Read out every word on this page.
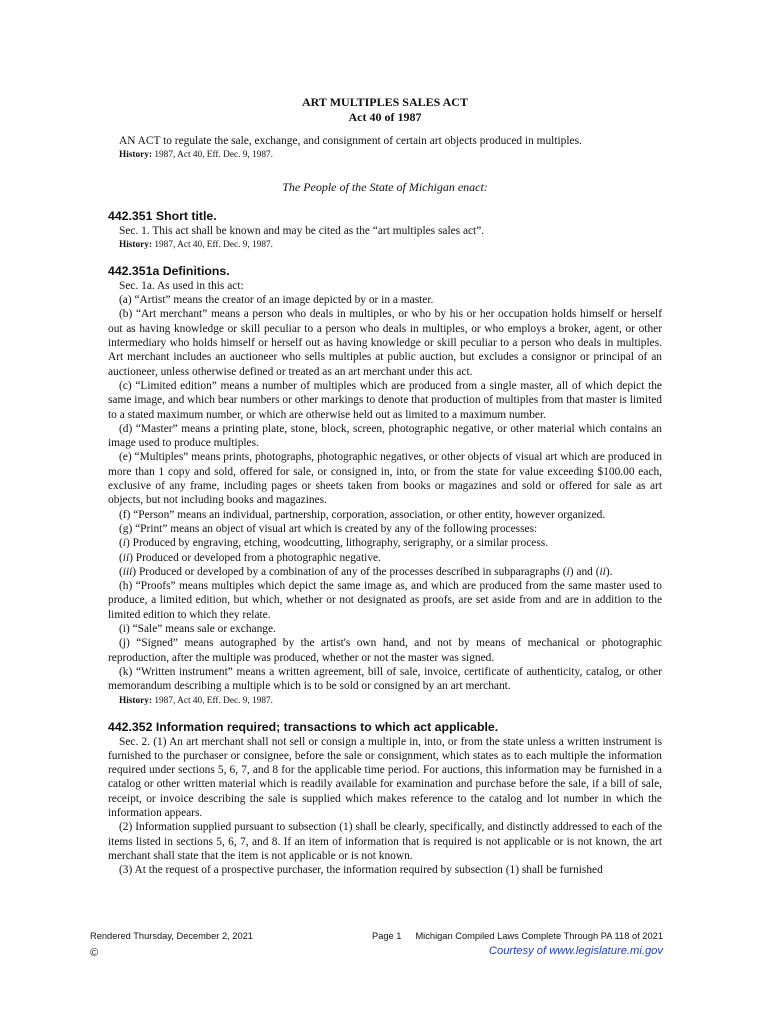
ART MULTIPLES SALES ACT
Act 40 of 1987

AN ACT to regulate the sale, exchange, and consignment of certain art objects produced in multiples.

History: 1987, Act 40, Eff. Dec. 9, 1987.

The People of the State of Michigan enact:
442.351 Short title.

Sec. 1. This act shall be known and may be cited as the “art multiples sales act”.

History: 1987, Act 40, Eff. Dec. 9, 1987.

442.351a Definitions.

Sec. 1a. As used in this act:

(a) “Artist” means the creator of an image depicted by or in a master.

(b) “Art merchant” means a person who deals in multiples, or who by his or her occupation holds himself or herself out as having knowledge or skill peculiar to a person who deals in multiples, or who employs a broker, agent, or other intermediary who holds himself or herself out as having knowledge or skill peculiar to a person who deals in multiples. Art merchant includes an auctioneer who sells multiples at public auction, but excludes a consignor or principal of an auctioneer, unless otherwise defined or treated as an art merchant under this act.

(c) “Limited edition” means a number of multiples which are produced from a single master, all of which depict the same image, and which bear numbers or other markings to denote that production of multiples from that master is limited to a stated maximum number, or which are otherwise held out as limited to a maximum number.

(d) “Master” means a printing plate, stone, block, screen, photographic negative, or other material which contains an image used to produce multiples.

(e) “Multiples” means prints, photographs, photographic negatives, or other objects of visual art which are produced in more than 1 copy and sold, offered for sale, or consigned in, into, or from the state for value exceeding $100.00 each, exclusive of any frame, including pages or sheets taken from books or magazines and sold or offered for sale as art objects, but not including books and magazines.

(f) “Person” means an individual, partnership, corporation, association, or other entity, however organized.

(g) “Print” means an object of visual art which is created by any of the following processes:

(i) Produced by engraving, etching, woodcutting, lithography, serigraphy, or a similar process.

(ii) Produced or developed from a photographic negative.

(iii) Produced or developed by a combination of any of the processes described in subparagraphs (i) and (ii).

(h) “Proofs” means multiples which depict the same image as, and which are produced from the same master used to produce, a limited edition, but which, whether or not designated as proofs, are set aside from and are in addition to the limited edition to which they relate.

(i) “Sale” means sale or exchange.

(j) “Signed” means autographed by the artist's own hand, and not by means of mechanical or photographic reproduction, after the multiple was produced, whether or not the master was signed.

(k) “Written instrument” means a written agreement, bill of sale, invoice, certificate of authenticity, catalog, or other memorandum describing a multiple which is to be sold or consigned by an art merchant.

History: 1987, Act 40, Eff. Dec. 9, 1987.

442.352 Information required; transactions to which act applicable.

Sec. 2. (1) An art merchant shall not sell or consign a multiple in, into, or from the state unless a written instrument is furnished to the purchaser or consignee, before the sale or consignment, which states as to each multiple the information required under sections 5, 6, 7, and 8 for the applicable time period. For auctions, this information may be furnished in a catalog or other written material which is readily available for examination and purchase before the sale, if a bill of sale, receipt, or invoice describing the sale is supplied which makes reference to the catalog and lot number in which the information appears.

(2) Information supplied pursuant to subsection (1) shall be clearly, specifically, and distinctly addressed to each of the items listed in sections 5, 6, 7, and 8. If an item of information that is required is not applicable or is not known, the art merchant shall state that the item is not applicable or is not known.

(3) At the request of a prospective purchaser, the information required by subsection (1) shall be furnished

Rendered Thursday, December 2, 2021	Page 1 Michigan Compiled Laws Complete Through PA 118 of 2021
©	Courtesy of www.legislature.mi.gov
